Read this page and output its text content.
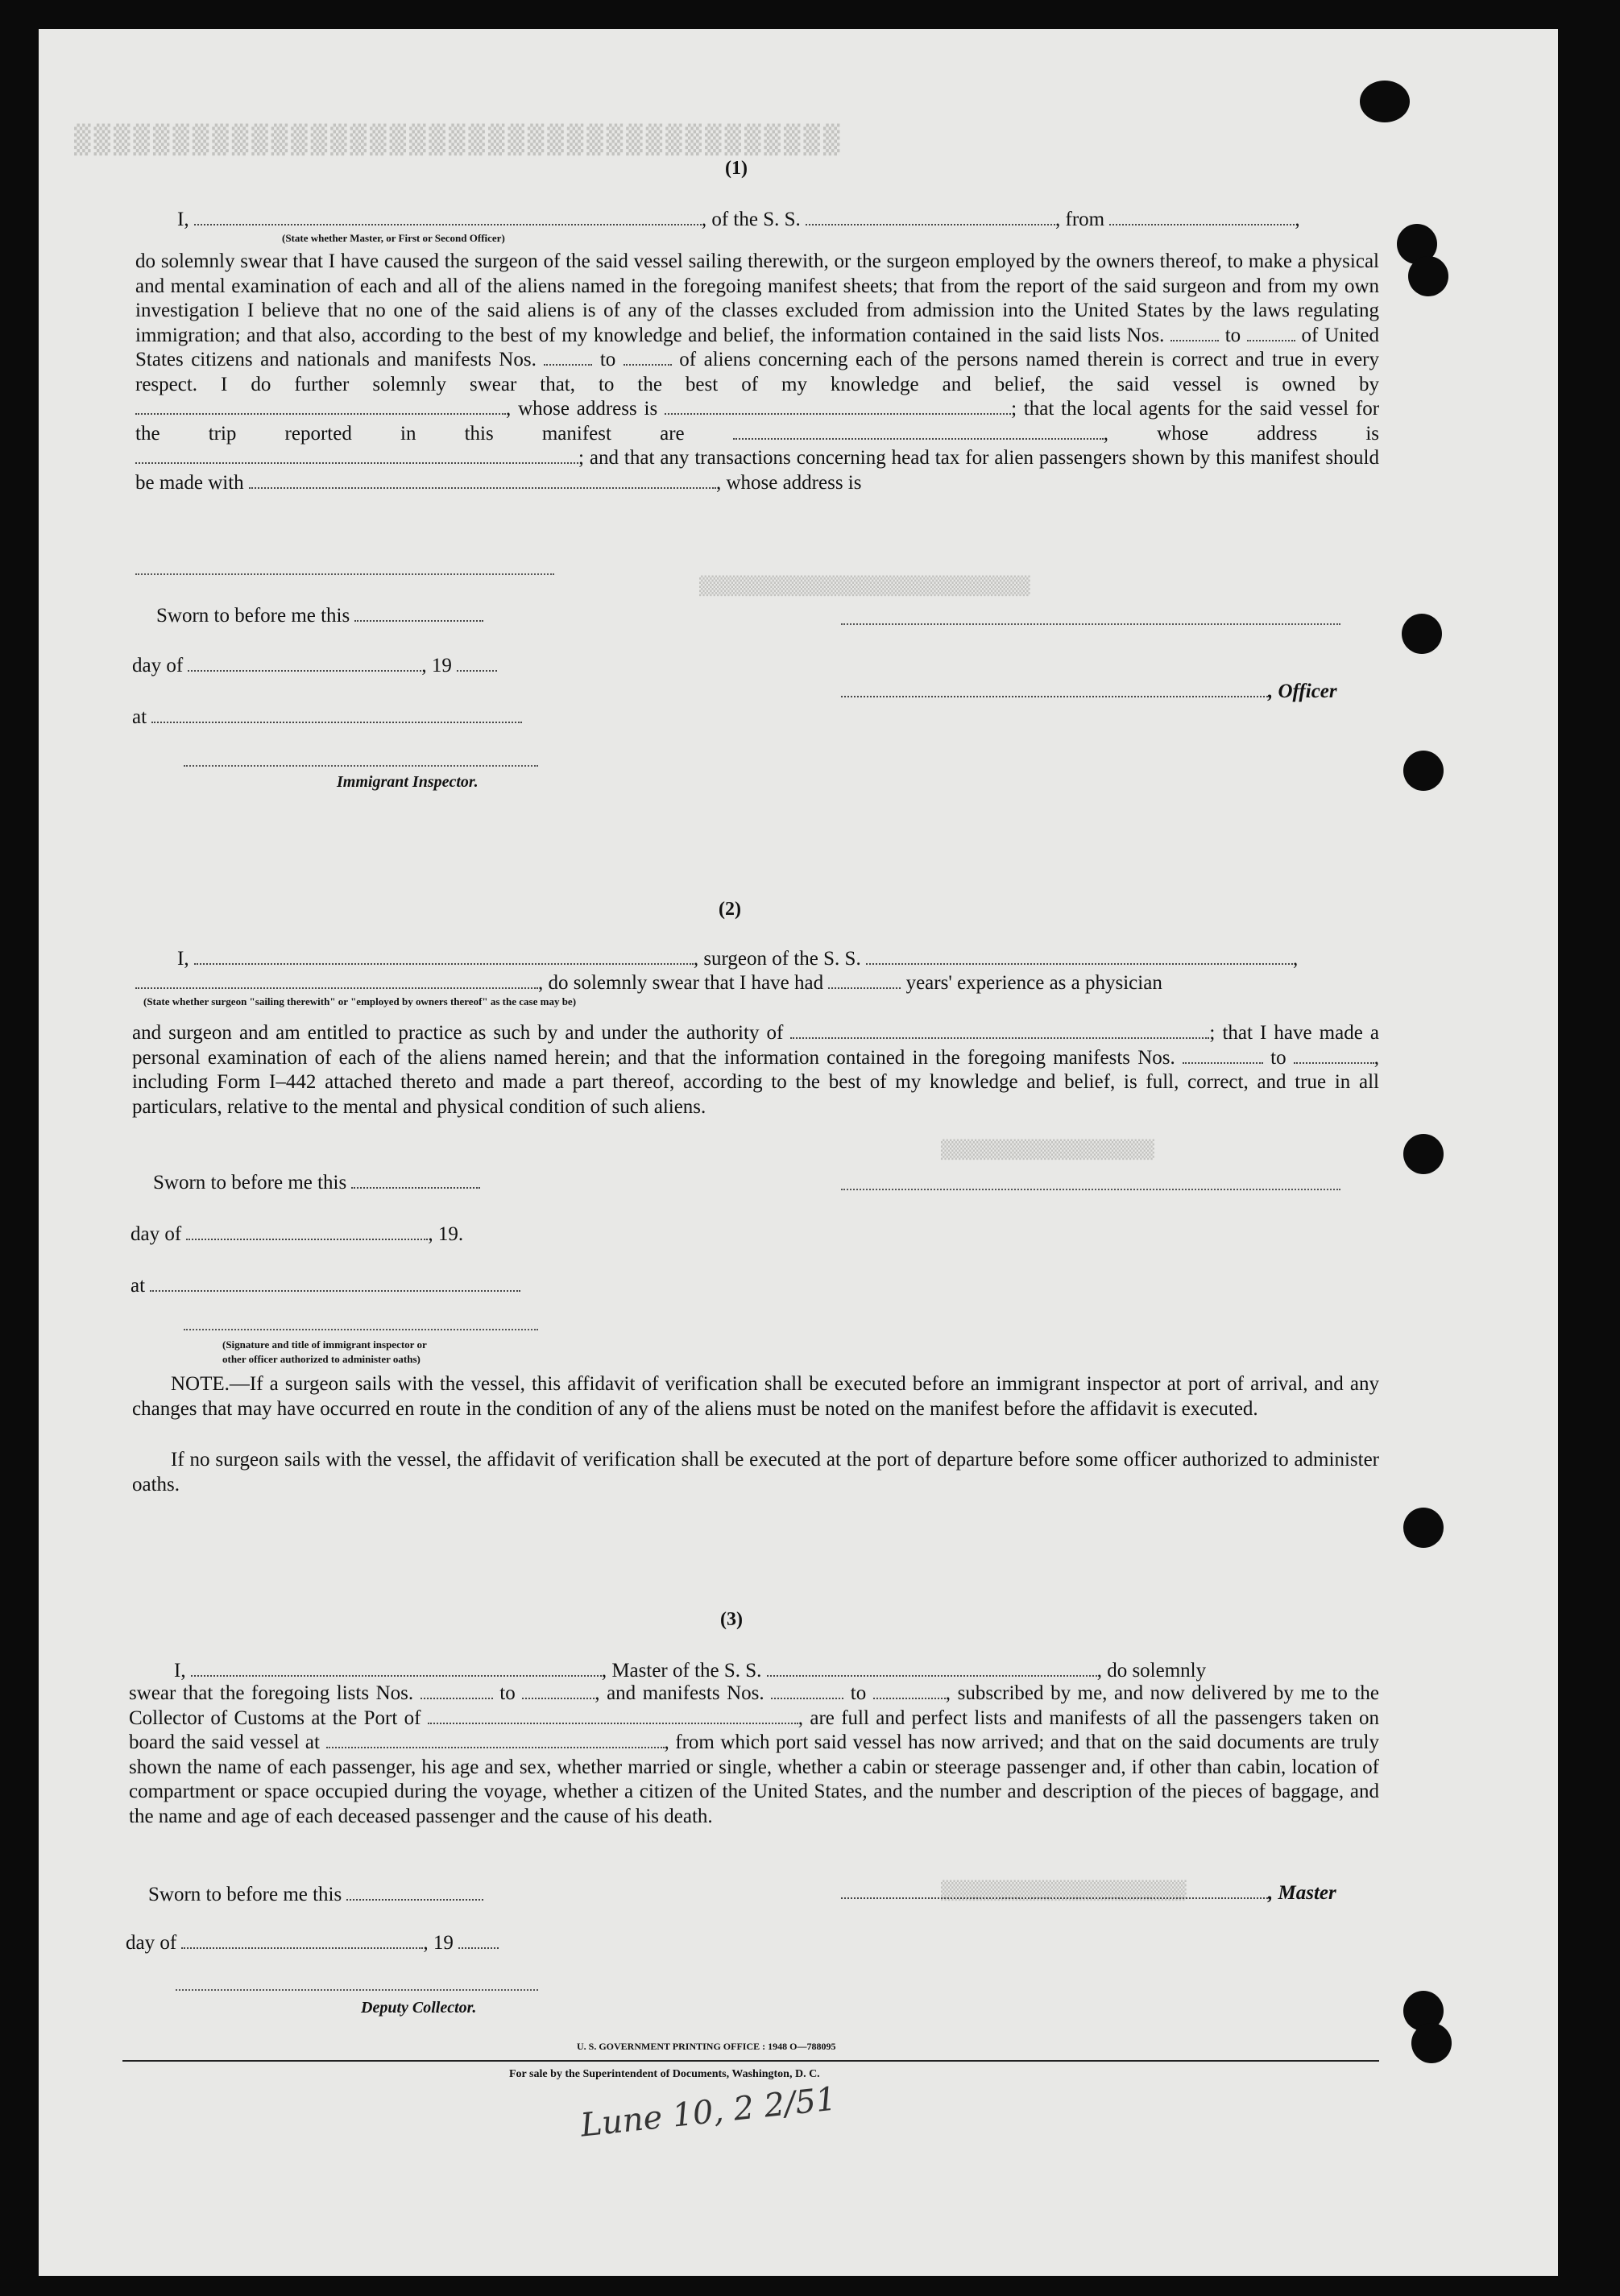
▒▒▒▒▒▒▒▒▒▒▒▒▒▒▒▒▒▒▒▒▒▒▒▒▒▒▒▒▒▒▒▒▒▒▒▒▒▒▒
▒▒▒▒▒▒▒▒▒▒▒▒▒▒▒▒▒▒▒▒▒▒▒▒▒▒▒▒▒▒▒
▒▒▒▒▒▒▒▒▒▒▒▒▒▒▒▒▒▒▒▒
▒▒▒▒▒▒▒▒▒▒▒▒▒▒▒▒▒▒▒▒▒▒▒
(1)
I,	, of the S. S.	, from	,
(State whether Master, or First or Second Officer)
do solemnly swear that I have caused the surgeon of the said vessel sailing therewith, or the surgeon employed by the owners thereof, to make a physical and mental examination of each and all of the aliens named in the foregoing manifest sheets; that from the report of the said surgeon and from my own investigation I believe that no one of the said aliens is of any of the classes excluded from admission into the United States by the laws regulating immigration; and that also, according to the best of my knowledge and belief, the information contained in the said lists Nos.	to	of United States citizens and nationals and manifests Nos.	to	of aliens concerning each of the persons named therein is correct and true in every respect. I do further solemnly swear that, to the best of my knowledge and belief, the said vessel is owned by , whose address is	; that the local agents for the said vessel for the trip reported in this manifest are	, whose address is ; and that any transactions concerning head tax for alien passengers shown by this manifest should be made with	, whose address is
Sworn to before me this
day of	, 19
at
, Officer
Immigrant Inspector.
(2)
I,	, surgeon of the S. S.	,
, do solemnly swear that I have had	years' experience as a physician
(State whether surgeon "sailing therewith" or "employed by owners thereof" as the case may be)
and surgeon and am entitled to practice as such by and under the authority of	; that I have made a personal examination of each of the aliens named herein; and that the information contained in the foregoing manifests Nos.	to	, including Form I–442 attached thereto and made a part thereof, according to the best of my knowledge and belief, is full, correct, and true in all particulars, relative to the mental and physical condition of such aliens.
Sworn to before me this
day of	, 19.
at
(Signature and title of immigrant inspector or
other officer authorized to administer oaths)
NOTE.—If a surgeon sails with the vessel, this affidavit of verification shall be executed before an immigrant inspector at port of arrival, and any changes that may have occurred en route in the condition of any of the aliens must be noted on the manifest before the affidavit is executed.
If no surgeon sails with the vessel, the affidavit of verification shall be executed at the port of departure before some officer authorized to administer oaths.
(3)
I,	, Master of the S. S.	, do solemnly
swear that the foregoing lists Nos.	to	, and manifests Nos.	to	, subscribed by me, and now delivered by me to the Collector of Customs at the Port of	, are full and perfect lists and manifests of all the passengers taken on board the said vessel at	, from which port said vessel has now arrived; and that on the said documents are truly shown the name of each passenger, his age and sex, whether married or single, whether a cabin or steerage passenger and, if other than cabin, location of compartment or space occupied during the voyage, whether a citizen of the United States, and the number and description of the pieces of baggage, and the name and age of each deceased passenger and the cause of his death.
Sworn to before me this	, Master
day of	, 19
Deputy Collector.
U. S. GOVERNMENT PRINTING OFFICE : 1948 O—788095
For sale by the Superintendent of Documents, Washington, D. C.
Lune 10, 2 2/51
